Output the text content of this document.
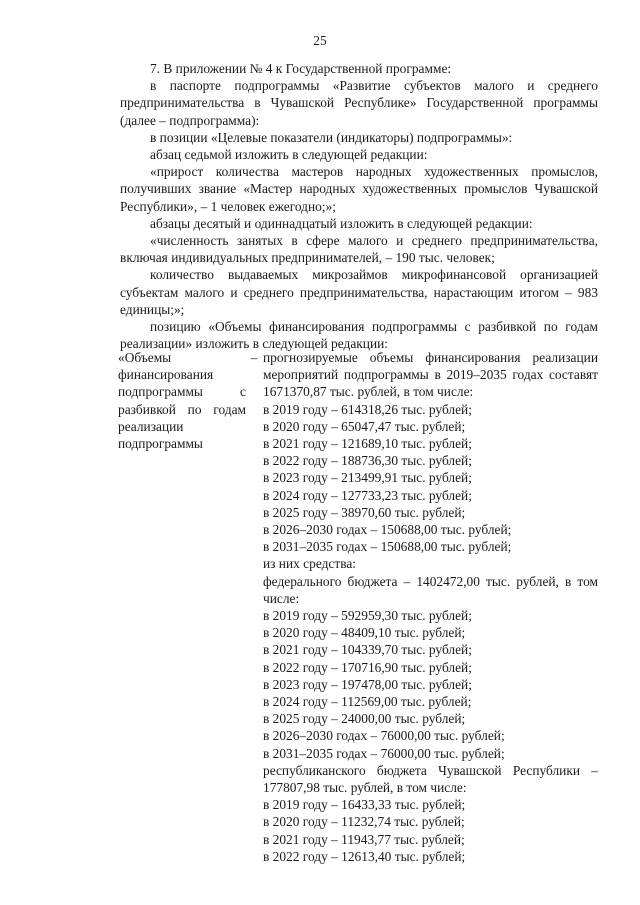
25

7. В приложении № 4 к Государственной программе:

в паспорте подпрограммы «Развитие субъектов малого и среднего предпринимательства в Чувашской Республике» Государственной программы (далее – подпрограмма):

в позиции «Целевые показатели (индикаторы) подпрограммы»:

абзац седьмой изложить в следующей редакции:

«прирост количества мастеров народных художественных промыслов, получивших звание «Мастер народных художественных промыслов Чувашской Республики», – 1 человек ежегодно;»;

абзацы десятый и одиннадцатый изложить в следующей редакции:

«численность занятых в сфере малого и среднего предпринимательства, включая индивидуальных предпринимателей, – 190 тыс. человек;

количество выдаваемых микрозаймов микрофинансовой организацией субъектам малого и среднего предпринимательства, нарастающим итогом – 983 единицы;»;

позицию «Объемы финансирования подпрограммы с разбивкой по годам реализации» изложить в следующей редакции:

«Объемы финансирования подпрограммы с разбивкой по годам реализации подпрограммы
– прогнозируемые объемы финансирования реализации мероприятий подпрограммы в 2019–2035 годах составят 1671370,87 тыс. рублей, в том числе:

в 2019 году – 614318,26 тыс. рублей;

в 2020 году – 65047,47 тыс. рублей;

в 2021 году – 121689,10 тыс. рублей;

в 2022 году – 188736,30 тыс. рублей;

в 2023 году – 213499,91 тыс. рублей;

в 2024 году – 127733,23 тыс. рублей;

в 2025 году – 38970,60 тыс. рублей;

в 2026–2030 годах – 150688,00 тыс. рублей;

в 2031–2035 годах – 150688,00 тыс. рублей;

из них средства:

федерального бюджета – 1402472,00 тыс. рублей, в том числе:

в 2019 году – 592959,30 тыс. рублей;

в 2020 году – 48409,10 тыс. рублей;

в 2021 году – 104339,70 тыс. рублей;

в 2022 году – 170716,90 тыс. рублей;

в 2023 году – 197478,00 тыс. рублей;

в 2024 году – 112569,00 тыс. рублей;

в 2025 году – 24000,00 тыс. рублей;

в 2026–2030 годах – 76000,00 тыс. рублей;

в 2031–2035 годах – 76000,00 тыс. рублей;

республиканского бюджета Чувашской Республики – 177807,98 тыс. рублей, в том числе:

в 2019 году – 16433,33 тыс. рублей;

в 2020 году – 11232,74 тыс. рублей;

в 2021 году – 11943,77 тыс. рублей;

в 2022 году – 12613,40 тыс. рублей;
